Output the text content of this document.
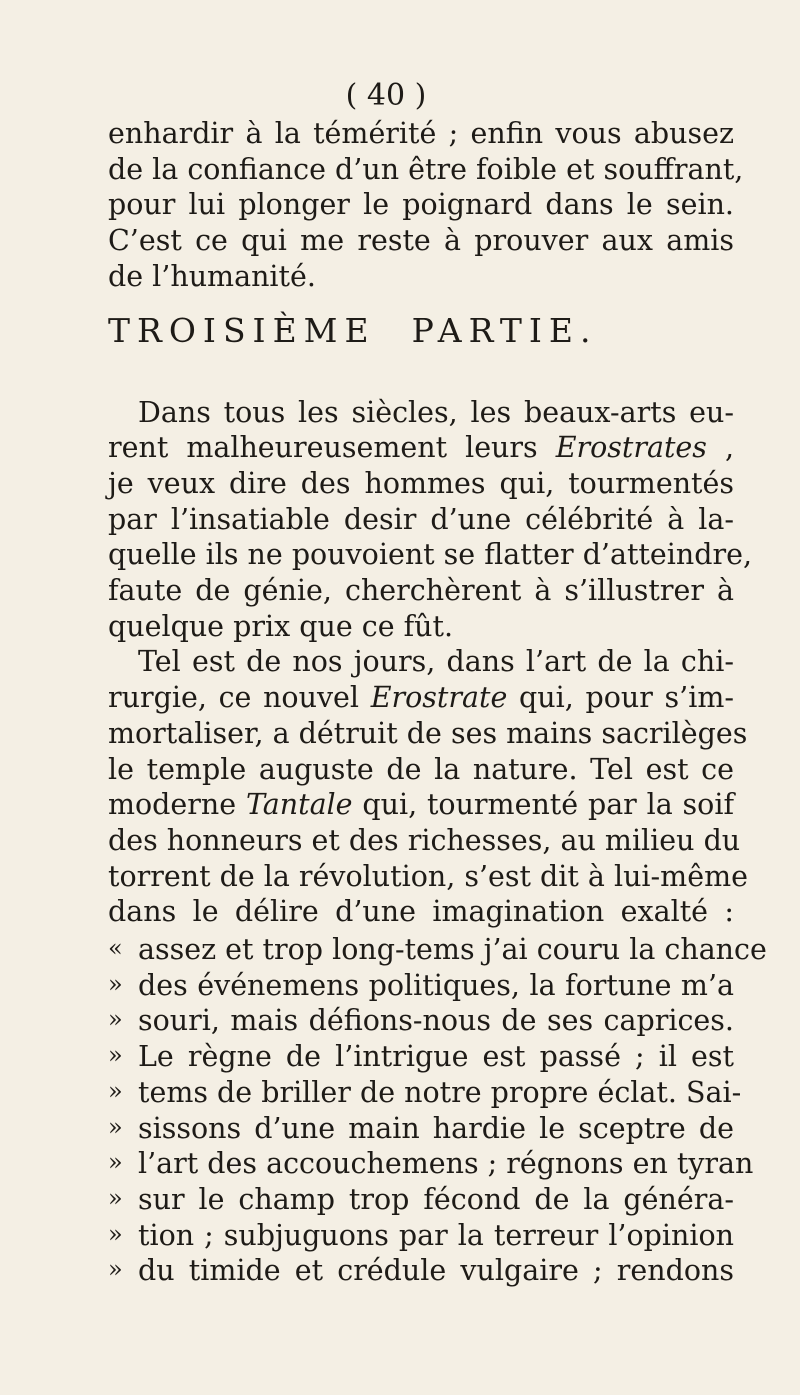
( 40 )
enhardir à la témérité ; enfin vous abusez
de la confiance d’un être foible et souffrant,
pour lui plonger le poignard dans le sein.
C’est ce qui me reste à prouver aux amis
de l’humanité.
TROISIÈME PARTIE.
Dans tous les siècles, les beaux-arts eu-
rent malheureusement leurs Erostrates ,
je veux dire des hommes qui, tourmentés
par l’insatiable desir d’une célébrité à la-
quelle ils ne pouvoient se flatter d’atteindre,
faute de génie, cherchèrent à s’illustrer à
quelque prix que ce fût.
Tel est de nos jours, dans l’art de la chi-
rurgie, ce nouvel Erostrate qui, pour s’im-
mortaliser, a détruit de ses mains sacrilèges
le temple auguste de la nature. Tel est ce
moderne Tantale qui, tourmenté par la soif
des honneurs et des richesses, au milieu du
torrent de la révolution, s’est dit à lui-même
dans le délire d’une imagination exalté :
« assez et trop long-tems j’ai couru la chance
» des événemens politiques, la fortune m’a
» souri, mais défions-nous de ses caprices.
» Le règne de l’intrigue est passé ; il est
» tems de briller de notre propre éclat. Sai-
» sissons d’une main hardie le sceptre de
» l’art des accouchemens ; régnons en tyran
» sur le champ trop fécond de la généra-
» tion ; subjuguons par la terreur l’opinion
» du timide et crédule vulgaire ; rendons
